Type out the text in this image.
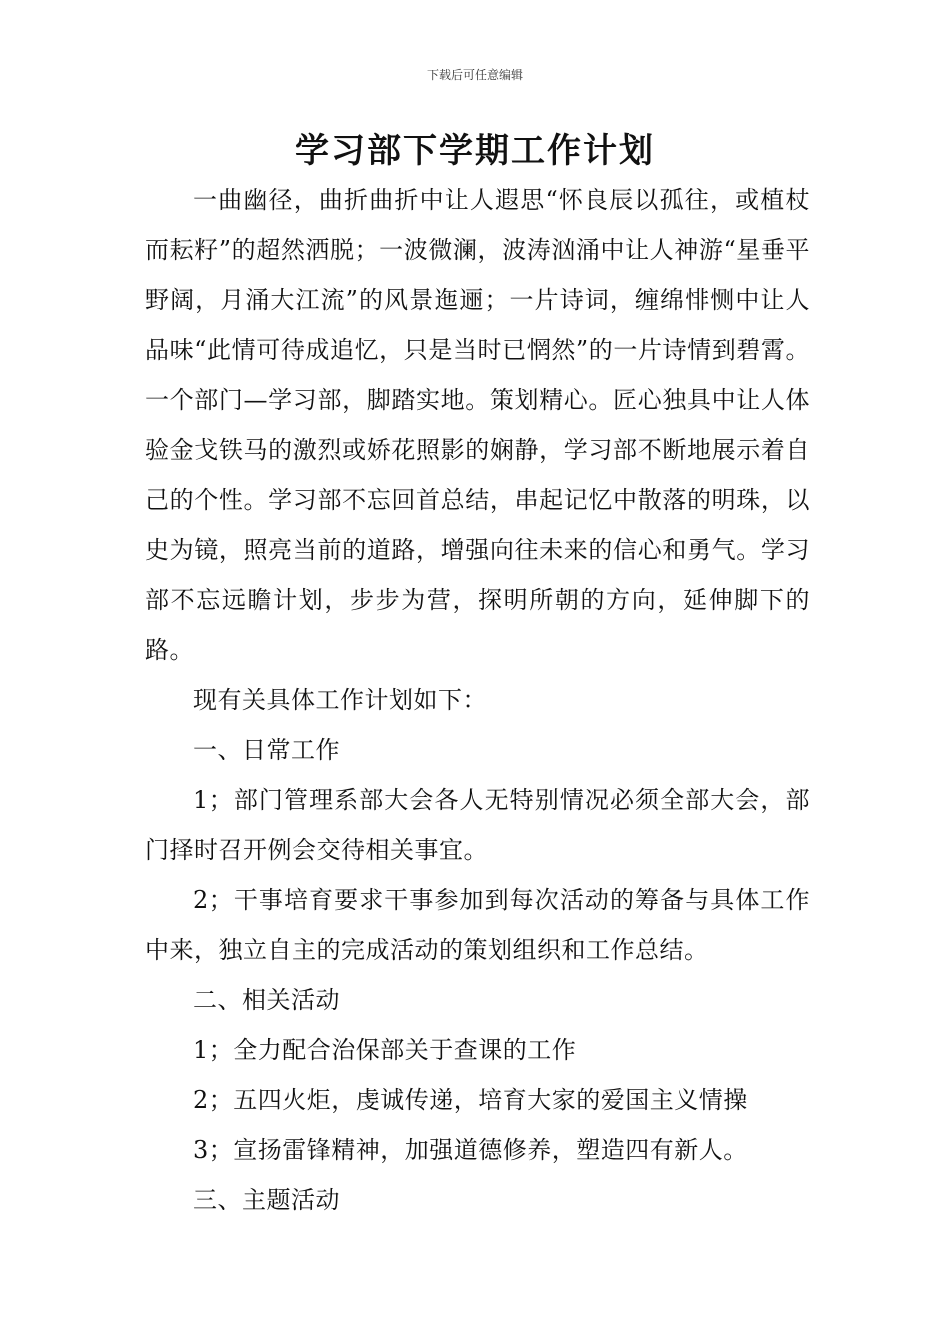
下载后可任意编辑
学习部下学期工作计划

一曲幽径，曲折曲折中让人遐思“怀良辰以孤往，或植杖而耘籽”的超然洒脱；一波微澜，波涛汹涌中让人神游“星垂平野阔，月涌大江流”的风景迤逦；一片诗词，缠绵悱恻中让人品味“此情可待成追忆，只是当时已惘然”的一片诗情到碧霄。一个部门—学习部，脚踏实地。策划精心。匠心独具中让人体验金戈铁马的激烈或娇花照影的娴静，学习部不断地展示着自己的个性。学习部不忘回首总结，串起记忆中散落的明珠，以史为镜，照亮当前的道路，增强向往未来的信心和勇气。学习部不忘远瞻计划，步步为营，探明所朝的方向，延伸脚下的路。

现有关具体工作计划如下：

一、日常工作

1；部门管理系部大会各人无特别情况必须全部大会，部门择时召开例会交待相关事宜。

2；干事培育要求干事参加到每次活动的筹备与具体工作中来，独立自主的完成活动的策划组织和工作总结。

二、相关活动

1；全力配合治保部关于查课的工作

2；五四火炬，虔诚传递，培育大家的爱国主义情操

3；宣扬雷锋精神，加强道德修养，塑造四有新人。

三、主题活动
